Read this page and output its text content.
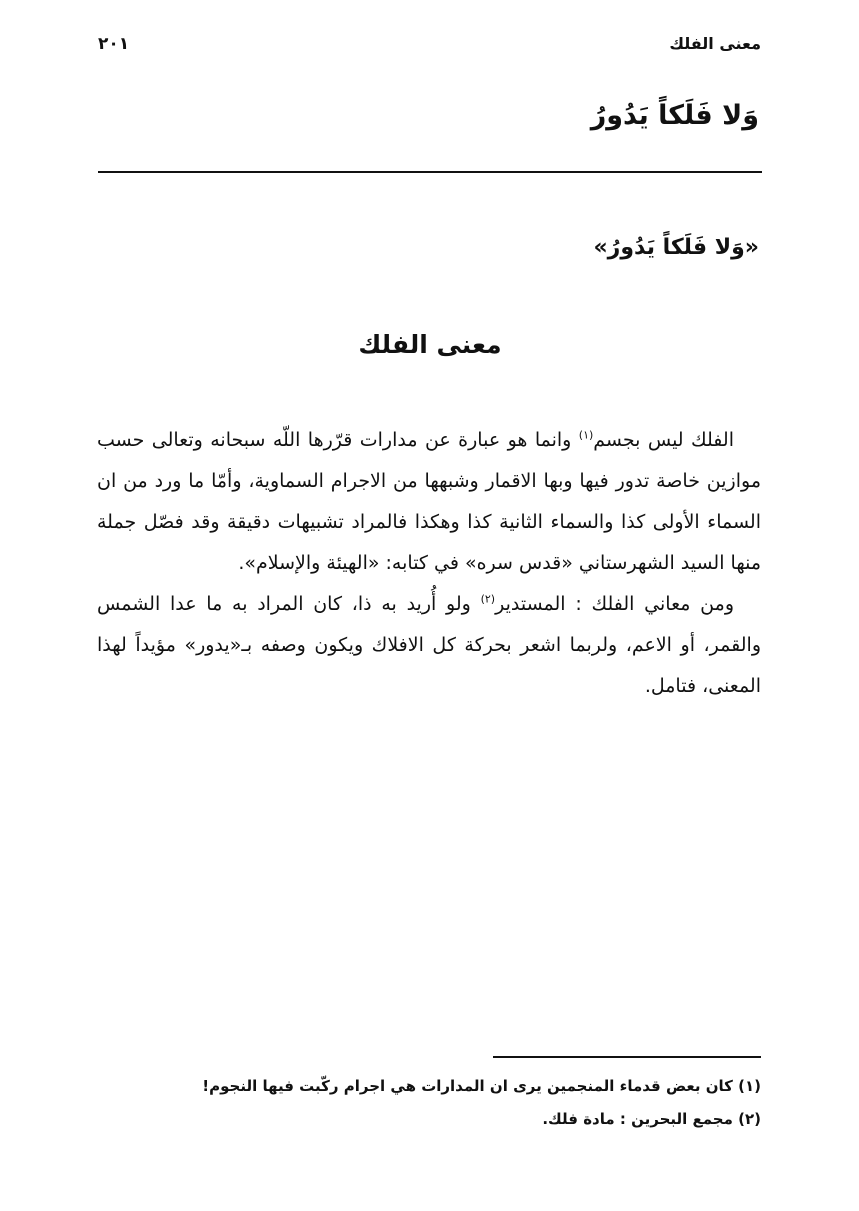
معنى الفلك
٢٠١
وَلا فَلَكاً يَدُورُ
«وَلا فَلَكاً يَدُورُ»
معنى الفلك

الفلك ليس بجسم$^{(١)}$ وانما هو عبارة عن مدارات قرّرها اللّه سبحانه وتعالى حسب موازين خاصة تدور فيها وبها الاقمار وشبهها من الاجرام السماوية، وأمّا ما ورد من ان السماء الأولى كذا والسماء الثانية كذا وهكذا فالمراد تشبيهات دقيقة وقد فصّل جملة منها السيد الشهرستاني «قدس سره» في كتابه: «الهيئة والإسلام».

ومن معاني الفلك : المستدير$^{(٢)}$ ولو أُريد به ذا، كان المراد به ما عدا الشمس والقمر، أو الاعم، ولربما اشعر بحركة كل الافلاك ويكون وصفه بـ«يدور» مؤيداً لهذا المعنى، فتامل.

(١) كان بعض قدماء المنجمين يرى ان المدارات هي اجرام ركّبت فيها النجوم!
(٢) مجمع البحرين : مادة فلك.
